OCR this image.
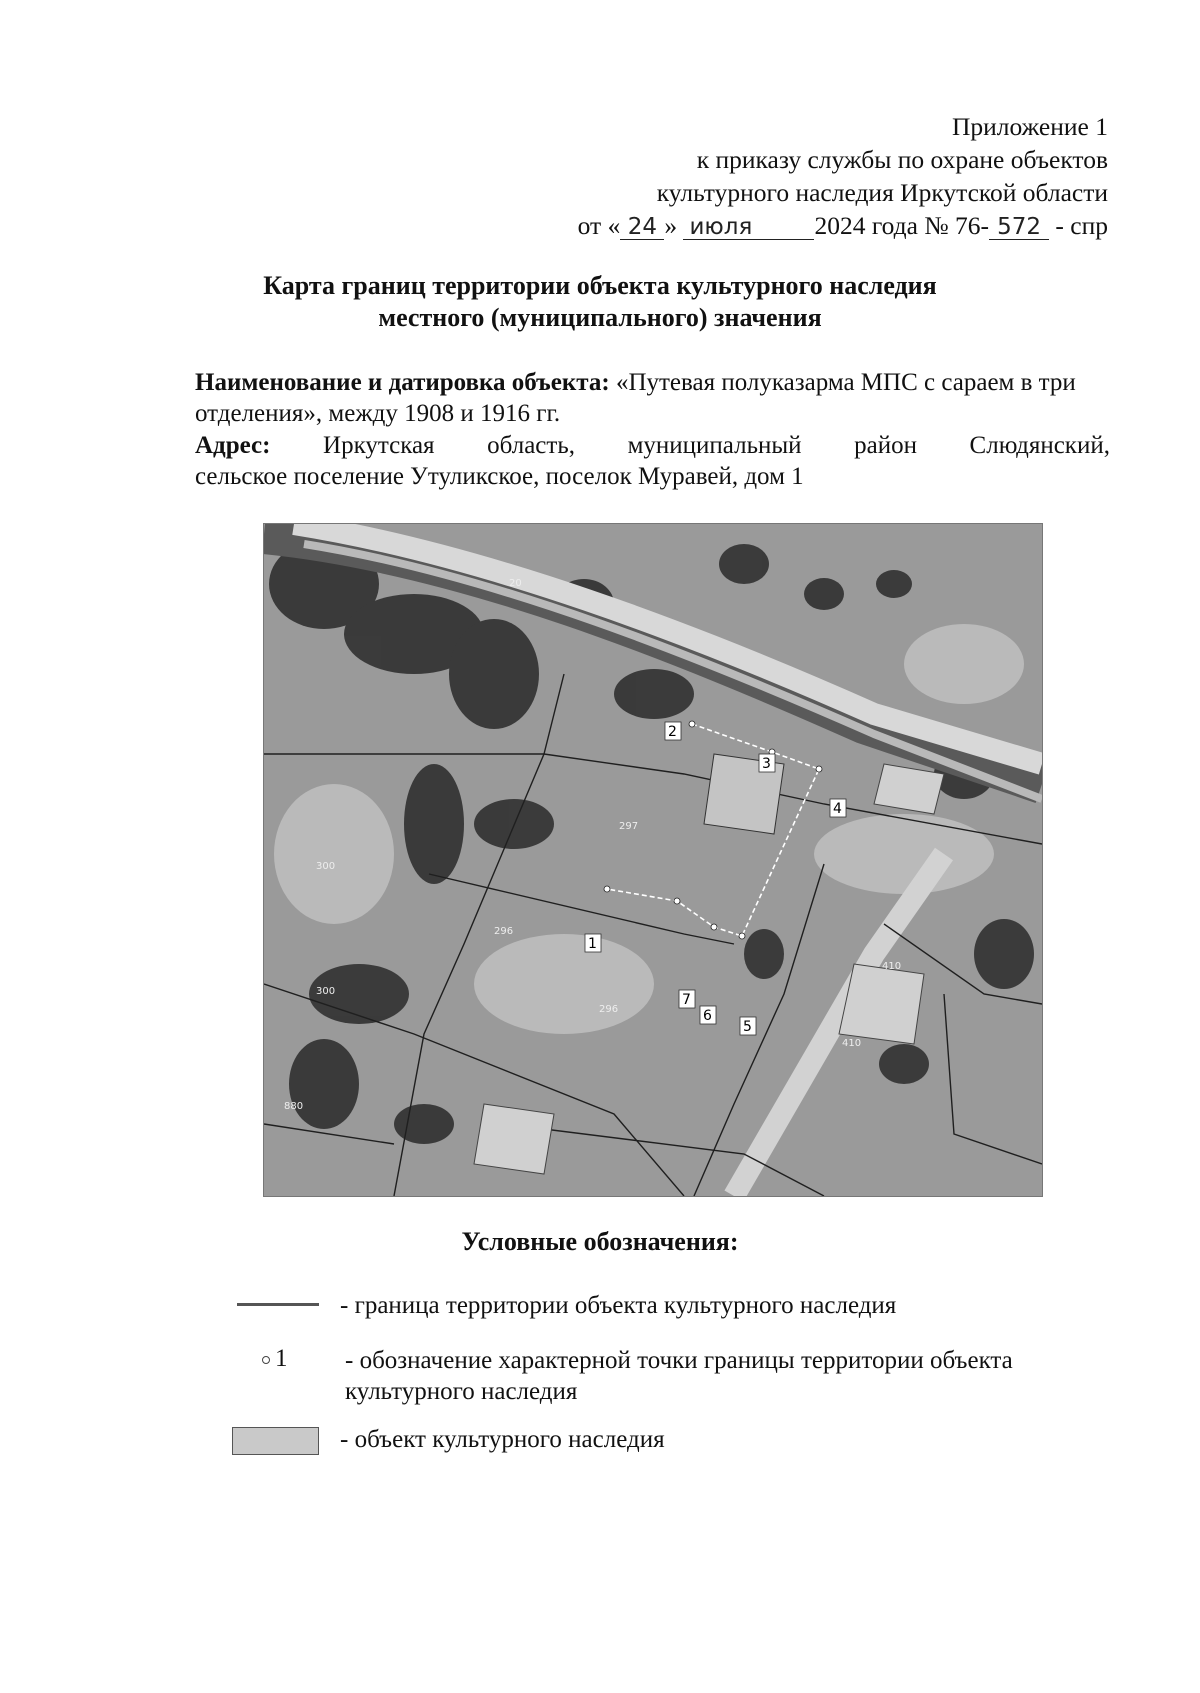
Приложение 1
к приказу службы по охране объектов
культурного наследия Иркутской области
от « 24 » июля 2024 года № 76- 572 - спр
Карта границ территории объекта культурного наследия
местного (муниципального) значения
Наименование и датировка объекта: «Путевая полуказарма МПС с сараем в три отделения», между 1908 и 1916 гг.
Адрес: Иркутская область, муниципальный район Слюдянский,
сельское поселение Утуликское, поселок Муравей, дом 1
20
297
300
296
300
296
410
410
880
1
2
3
4
5
6
7
Условные обозначения:
- граница территории объекта культурного наследия
1 - обозначение характерной точки границы территории объекта культурного наследия
- объект культурного наследия
